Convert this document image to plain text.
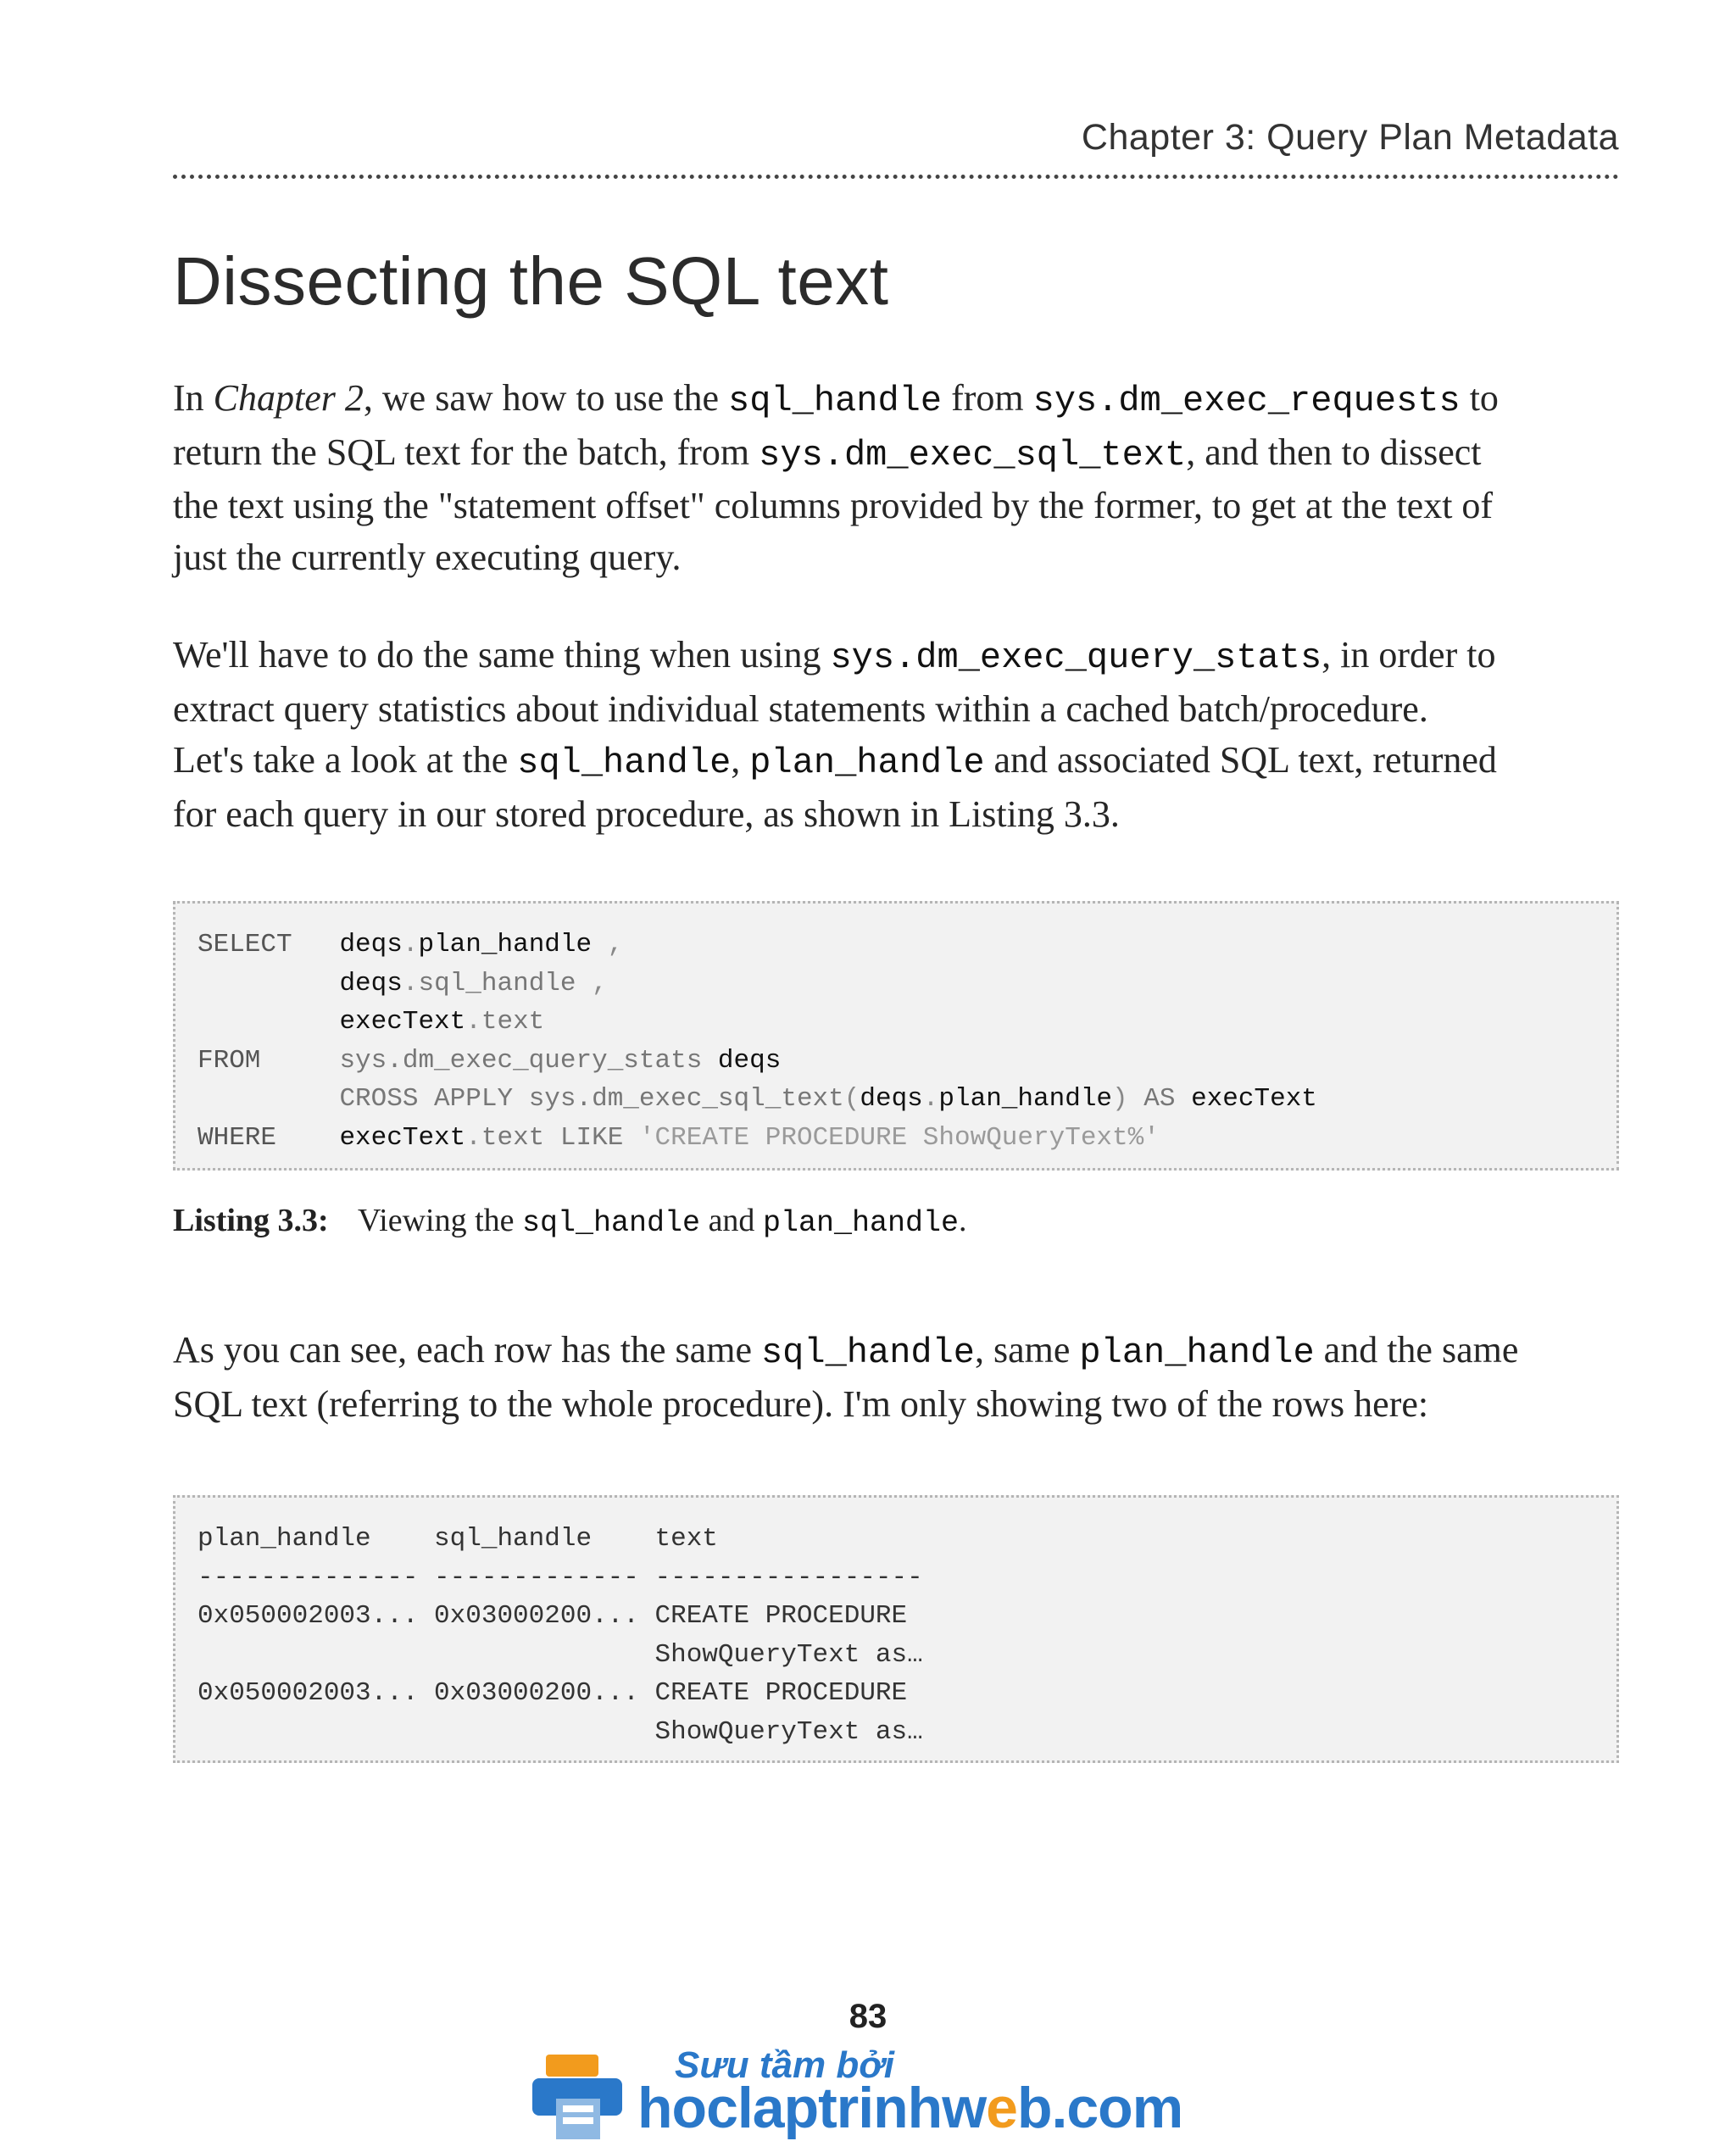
Chapter 3: Query Plan Metadata
Dissecting the SQL text

In Chapter 2, we saw how to use the sql_handle from sys.dm_exec_requests to
return the SQL text for the batch, from sys.dm_exec_sql_text, and then to dissect
the text using the "statement offset" columns provided by the former, to get at the text of
just the currently executing query.

We'll have to do the same thing when using sys.dm_exec_query_stats, in order to
extract query statistics about individual statements within a cached batch/procedure.
Let's take a look at the sql_handle, plan_handle and associated SQL text, returned
for each query in our stored procedure, as shown in Listing 3.3.

SELECT deqs.plan_handle ,
deqs.sql_handle ,
execText.text
FROM	sys.dm_exec_query_stats deqs
CROSS APPLY sys.dm_exec_sql_text(deqs.plan_handle) AS execText
WHERE execText.text LIKE 'CREATE PROCEDURE ShowQueryText%'

Listing 3.3: Viewing the sql_handle and plan_handle.

As you can see, each row has the same sql_handle, same plan_handle and the same
SQL text (referring to the whole procedure). I'm only showing two of the rows here:

plan_handle    sql_handle    text
-------------- ------------- -----------------
0x050002003... 0x03000200... CREATE PROCEDURE
ShowQueryText as…
0x050002003... 0x03000200... CREATE PROCEDURE
ShowQueryText as…
83
Sưu tầm bởi
hoclaptrinhweb.com
